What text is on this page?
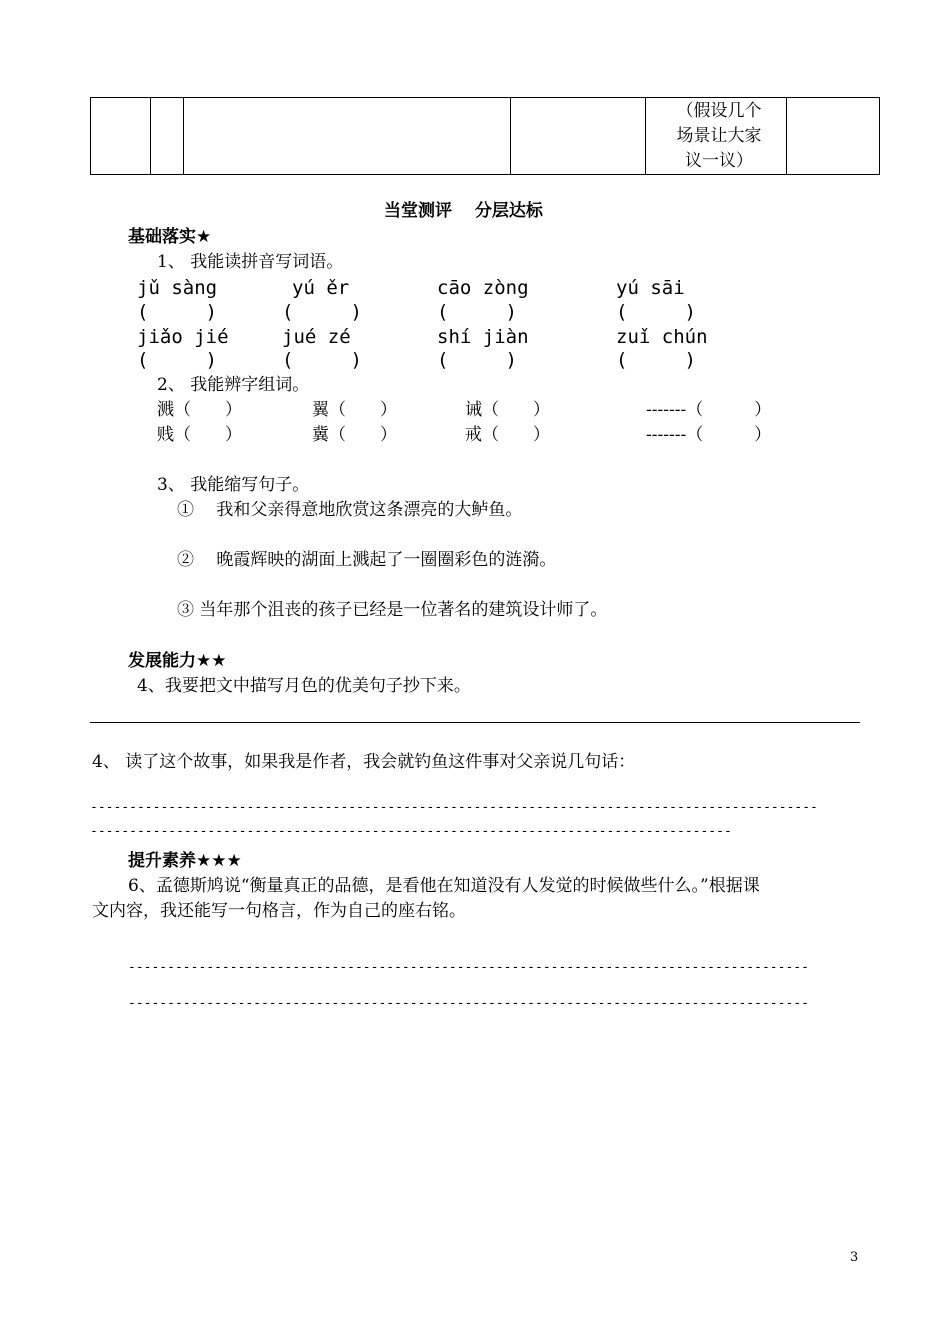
（假设几个
场景让大家
议一议）

当堂测评　 分层达标
基础落实★
1、 我能读拼音写词语。
jǔ sàng	yú ěr	cāo zòng	yú sāi
(　　　)	(　　　)	(　　　)	(　　　)
jiǎo jié	jué zé	shí jiàn	zuǐ chún
(　　　)	(　　　)	(　　　)	(　　　)
2、 我能辨字组词。
溅（　　）	翼（　　）	诫（　　）	-------（　　　）
贱（　　）	冀（　　）	戒（　　）	-------（　　　）
3、 我能缩写句子。
①　 我和父亲得意地欣赏这条漂亮的大鲈鱼。
②　 晚霞辉映的湖面上溅起了一圈圈彩色的涟漪。
③ 当年那个沮丧的孩子已经是一位著名的建筑设计师了。
发展能力★★
4、我要把文中描写月色的优美句子抄下来。
4、 读了这个故事，如果我是作者，我会就钓鱼这件事对父亲说几句话：
---------------------------------------------------------------------------------------------
----------------------------------------------------------------------------------
提升素养★★★
6、孟德斯鸠说“衡量真正的品德，是看他在知道没有人发觉的时候做些什么。”根据课
文内容，我还能写一句格言，作为自己的座右铭。
---------------------------------------------------------------------------------------
---------------------------------------------------------------------------------------
3
